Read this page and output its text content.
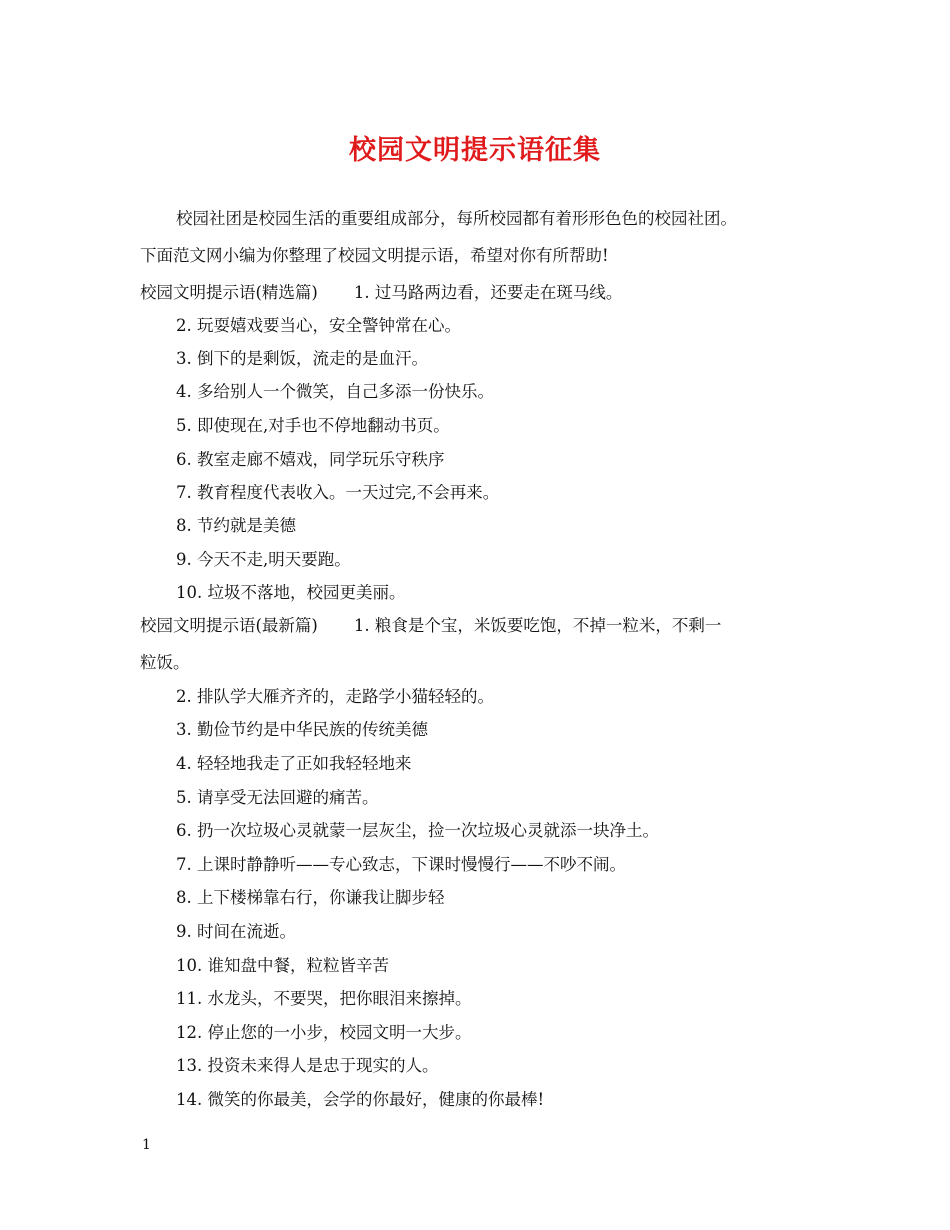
校园文明提示语征集
校园社团是校园生活的重要组成部分，每所校园都有着形形色色的校园社团。
下面范文网小编为你整理了校园文明提示语，希望对你有所帮助!
校园文明提示语(精选篇) 1. 过马路两边看，还要走在斑马线。
2. 玩耍嬉戏要当心，安全警钟常在心。
3. 倒下的是剩饭，流走的是血汗。
4. 多给别人一个微笑，自己多添一份快乐。
5. 即使现在,对手也不停地翻动书页。
6. 教室走廊不嬉戏，同学玩乐守秩序
7. 教育程度代表收入。一天过完,不会再来。
8. 节约就是美德
9. 今天不走,明天要跑。
10. 垃圾不落地，校园更美丽。
校园文明提示语(最新篇) 1. 粮食是个宝，米饭要吃饱，不掉一粒米，不剩一
粒饭。
2. 排队学大雁齐齐的，走路学小猫轻轻的。
3. 勤俭节约是中华民族的传统美德
4. 轻轻地我走了正如我轻轻地来
5. 请享受无法回避的痛苦。
6. 扔一次垃圾心灵就蒙一层灰尘，捡一次垃圾心灵就添一块净土。
7. 上课时静静听——专心致志，下课时慢慢行——不吵不闹。
8. 上下楼梯靠右行，你谦我让脚步轻
9. 时间在流逝。
10. 谁知盘中餐，粒粒皆辛苦
11. 水龙头，不要哭，把你眼泪来擦掉。
12. 停止您的一小步，校园文明一大步。
13. 投资未来得人是忠于现实的人。
14. 微笑的你最美，会学的你最好，健康的你最棒!
1
